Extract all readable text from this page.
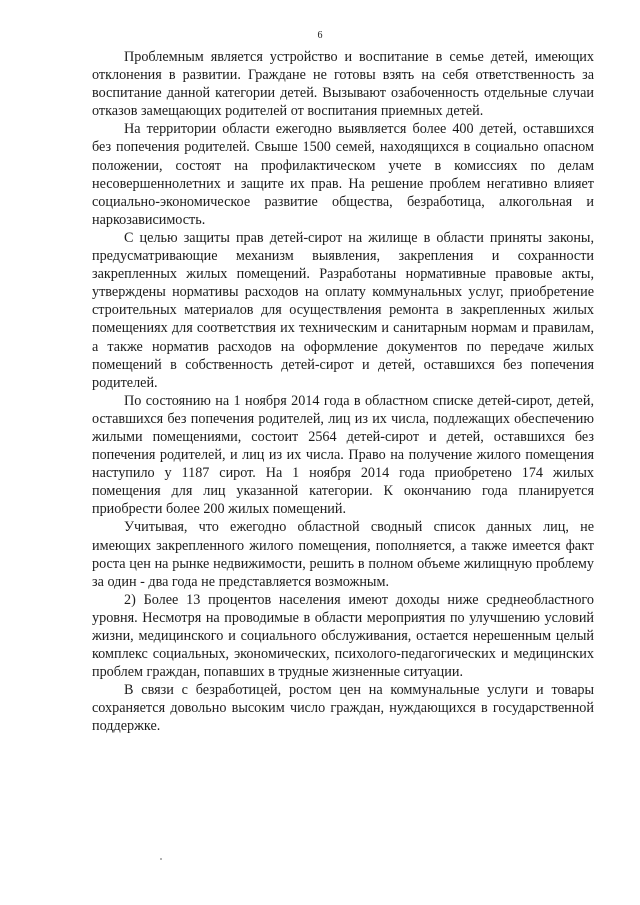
6

Проблемным является устройство и воспитание в семье детей, имеющих отклонения в развитии. Граждане не готовы взять на себя ответственность за воспитание данной категории детей. Вызывают озабоченность отдельные случаи отказов замещающих родителей от воспитания приемных детей.

На территории области ежегодно выявляется более 400 детей, оставшихся без попечения родителей. Свыше 1500 семей, находящихся в социально опасном положении, состоят на профилактическом учете в комиссиях по делам несовершеннолетних и защите их прав. На решение проблем негативно влияет социально-экономическое развитие общества, безработица, алкогольная и наркозависимость.

С целью защиты прав детей-сирот на жилище в области приняты законы, предусматривающие механизм выявления, закрепления и сохранности закрепленных жилых помещений. Разработаны нормативные правовые акты, утверждены нормативы расходов на оплату коммунальных услуг, приобретение строительных материалов для осуществления ремонта в закрепленных жилых помещениях для соответствия их техническим и санитарным нормам и правилам, а также норматив расходов на оформление документов по передаче жилых помещений в собственность детей-сирот и детей, оставшихся без попечения родителей.

По состоянию на 1 ноября 2014 года в областном списке детей-сирот, детей, оставшихся без попечения родителей, лиц из их числа, подлежащих обеспечению жилыми помещениями, состоит 2564 детей-сирот и детей, оставшихся без попечения родителей, и лиц из их числа. Право на получение жилого помещения наступило у 1187 сирот. На 1 ноября 2014 года приобретено 174 жилых помещения для лиц указанной категории. К окончанию года планируется приобрести более 200 жилых помещений.

Учитывая, что ежегодно областной сводный список данных лиц, не имеющих закрепленного жилого помещения, пополняется, а также имеется факт роста цен на рынке недвижимости, решить в полном объеме жилищную проблему за один - два года не представляется возможным.

2) Более 13 процентов населения имеют доходы ниже среднеобластного уровня. Несмотря на проводимые в области мероприятия по улучшению условий жизни, медицинского и социального обслуживания, остается нерешенным целый комплекс социальных, экономических, психолого-педагогических и медицинских проблем граждан, попавших в трудные жизненные ситуации.

В связи с безработицей, ростом цен на коммунальные услуги и товары сохраняется довольно высоким число граждан, нуждающихся в государственной поддержке.
